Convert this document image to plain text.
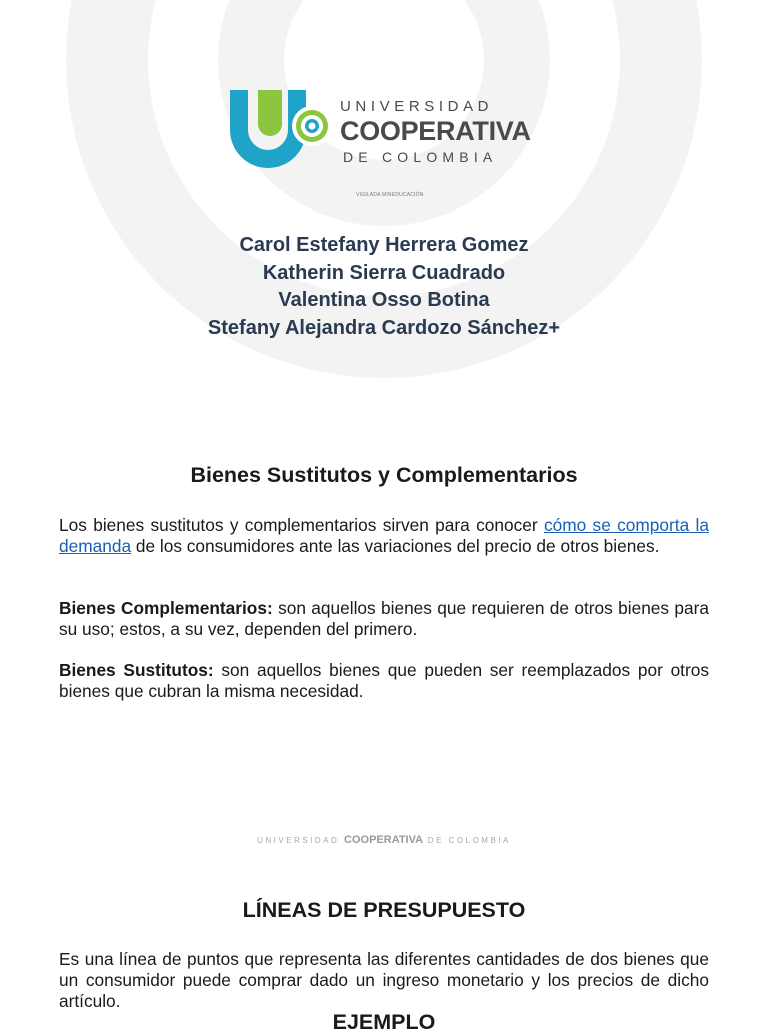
UNIVERSIDAD
COOPERATIVA
DE COLOMBIA
VIGILADA MINEDUCACIÓN
Carol Estefany Herrera Gomez
Katherin Sierra Cuadrado
Valentina Osso Botina
Stefany Alejandra Cardozo Sánchez+
Bienes Sustitutos y Complementarios

Los bienes sustitutos y complementarios sirven para conocer cómo se comporta la demanda de los consumidores ante las variaciones del precio de otros bienes.

Bienes Complementarios: son aquellos bienes que requieren de otros bienes para su uso; estos, a su vez, dependen del primero.

Bienes Sustitutos: son aquellos bienes que pueden ser reemplazados por otros bienes que cubran la misma necesidad.

UNIVERSIDAD COOPERATIVA DE COLOMBIA
LÍNEAS DE PRESUPUESTO

Es una línea de puntos que representa las diferentes cantidades de dos bienes que un consumidor puede comprar dado un ingreso monetario y los precios de dicho artículo.

EJEMPLO
